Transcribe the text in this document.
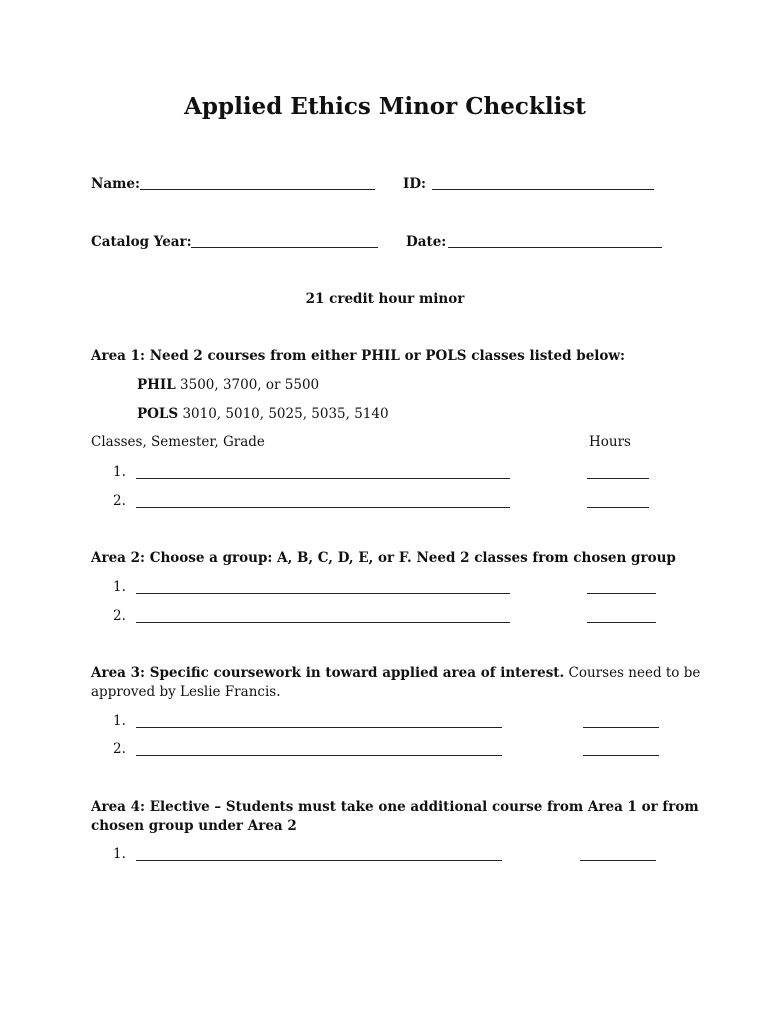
Applied Ethics Minor Checklist
Name:	ID:
Catalog Year:	Date:
21 credit hour minor
Area 1: Need 2 courses from either PHIL or POLS classes listed below:
PHIL 3500, 3700, or 5500
POLS 3010, 5010, 5025, 5035, 5140
Classes, Semester, Grade	Hours
1.
2.
Area 2: Choose a group: A, B, C, D, E, or F. Need 2 classes from chosen group
1.
2.
Area 3: Specific coursework in toward applied area of interest. Courses need to be
approved by Leslie Francis.
1.
2.
Area 4: Elective – Students must take one additional course from Area 1 or from
chosen group under Area 2
1.
